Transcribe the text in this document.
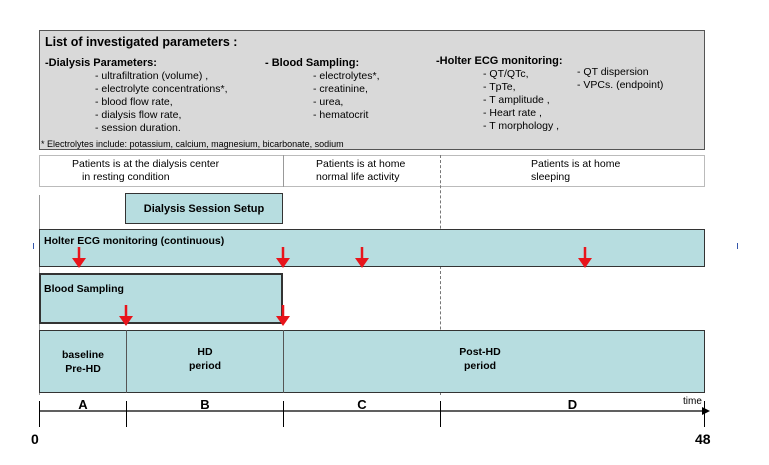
List of investigated parameters :
-Dialysis Parameters:
- ultrafiltration (volume) ,
- electrolyte concentrations*,
- blood flow rate,
- dialysis flow rate,
- session duration.
- Blood Sampling:
- electrolytes*,
- creatinine,
- urea,
- hematocrit
-Holter ECG monitoring:
- QT/QTc,
- TpTe,
- T amplitude ,
- Heart rate ,
- T morphology ,
- QT dispersion
- VPCs. (endpoint)
* Electrolytes include: potassium, calcium, magnesium, bicarbonate, sodium
Patients is at the dialysis center
in resting condition
Patients is at home
normal life activity
Patients is at home
sleeping
Dialysis Session Setup
Holter ECG monitoring (continuous)
Blood Sampling
baseline
Pre-HD
HD
period
Post-HD
period
A	B	C	D	time
0	48
